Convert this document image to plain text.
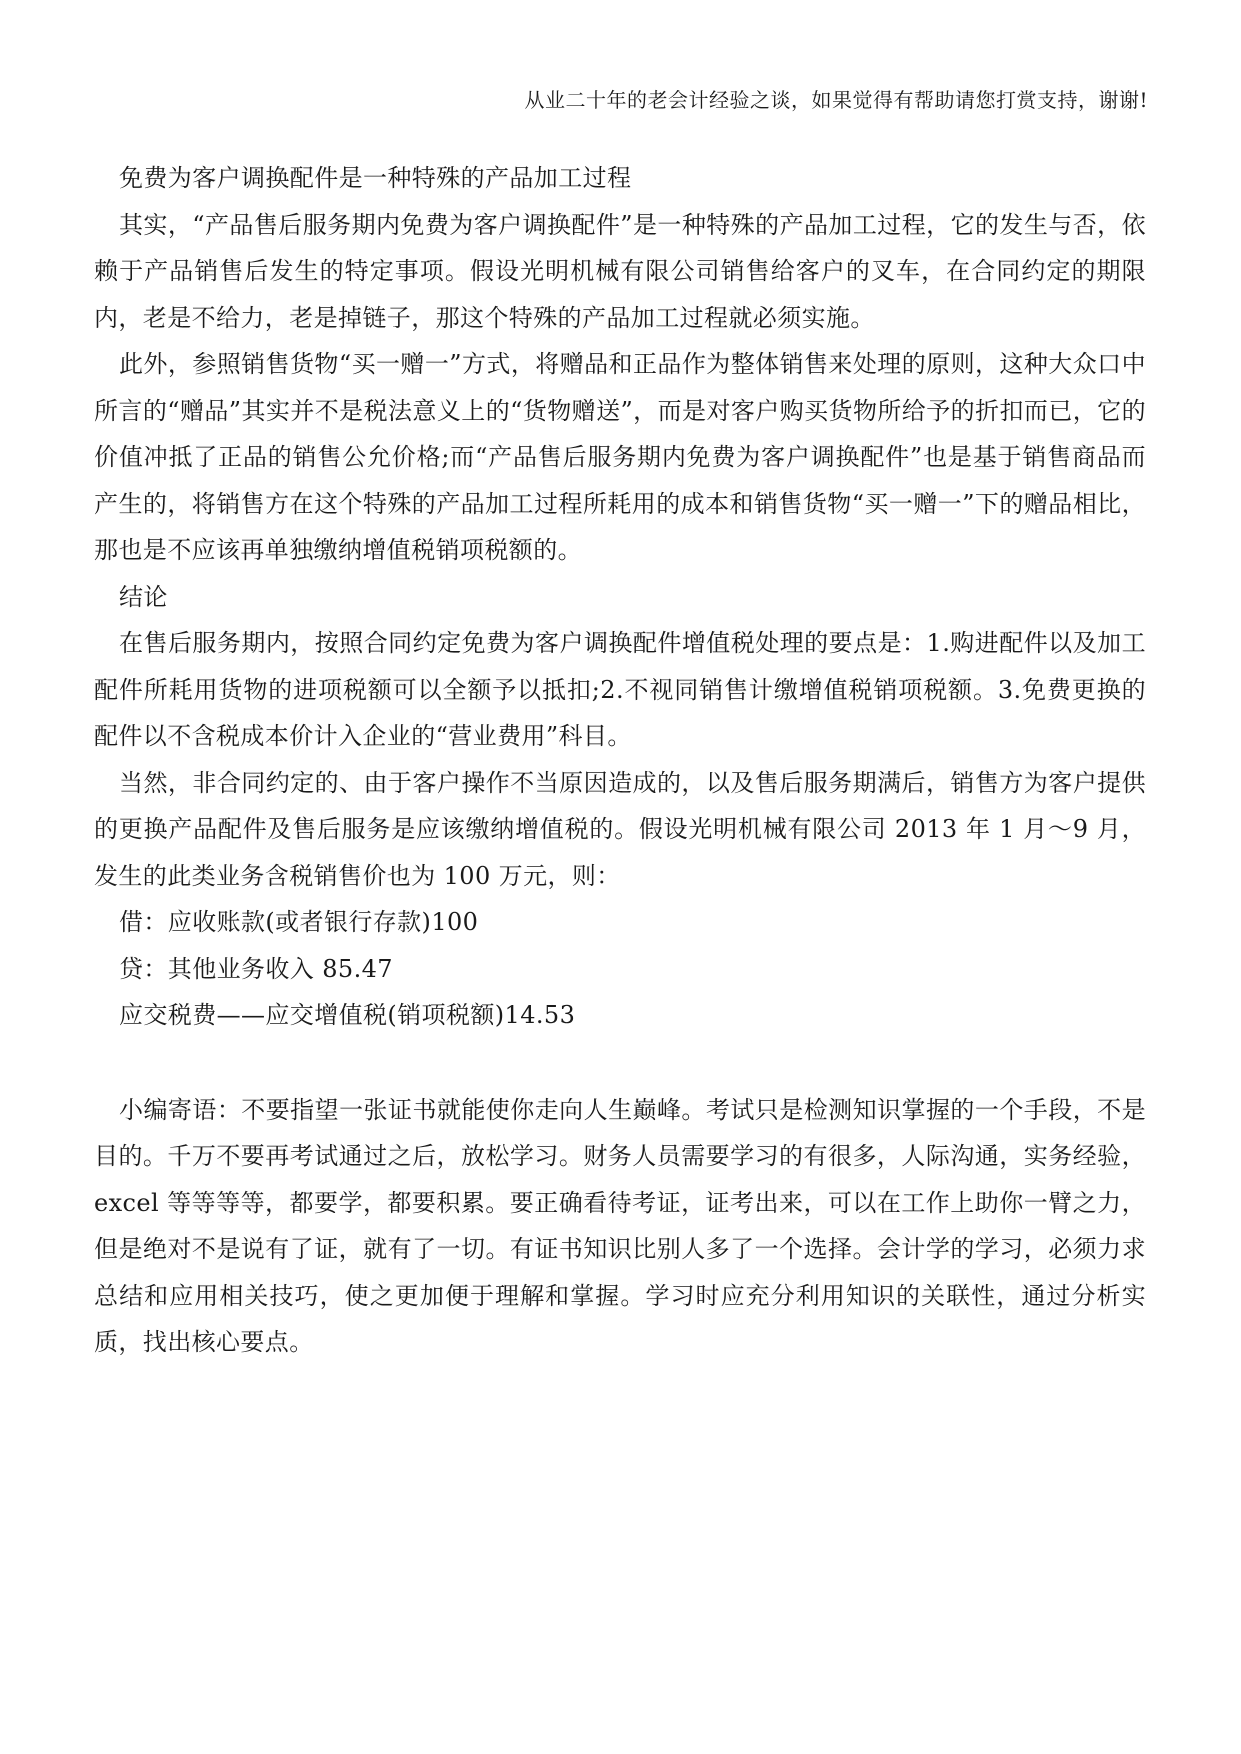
从业二十年的老会计经验之谈，如果觉得有帮助请您打赏支持，谢谢!

免费为客户调换配件是一种特殊的产品加工过程

其实，“产品售后服务期内免费为客户调换配件”是一种特殊的产品加工过程，它的发生与否，依赖于产品销售后发生的特定事项。假设光明机械有限公司销售给客户的叉车，在合同约定的期限内，老是不给力，老是掉链子，那这个特殊的产品加工过程就必须实施。

此外，参照销售货物“买一赠一”方式，将赠品和正品作为整体销售来处理的原则，这种大众口中所言的“赠品”其实并不是税法意义上的“货物赠送”，而是对客户购买货物所给予的折扣而已，它的价值冲抵了正品的销售公允价格;而“产品售后服务期内免费为客户调换配件”也是基于销售商品而产生的，将销售方在这个特殊的产品加工过程所耗用的成本和销售货物“买一赠一”下的赠品相比，那也是不应该再单独缴纳增值税销项税额的。

结论

在售后服务期内，按照合同约定免费为客户调换配件增值税处理的要点是：1.购进配件以及加工配件所耗用货物的进项税额可以全额予以抵扣;2.不视同销售计缴增值税销项税额。3.免费更换的配件以不含税成本价计入企业的“营业费用”科目。

当然，非合同约定的、由于客户操作不当原因造成的，以及售后服务期满后，销售方为客户提供的更换产品配件及售后服务是应该缴纳增值税的。假设光明机械有限公司 2013 年 1 月～9 月，发生的此类业务含税销售价也为 100 万元，则：

借：应收账款(或者银行存款)100

贷：其他业务收入 85.47

应交税费——应交增值税(销项税额)14.53

小编寄语：不要指望一张证书就能使你走向人生巅峰。考试只是检测知识掌握的一个手段，不是目的。千万不要再考试通过之后，放松学习。财务人员需要学习的有很多，人际沟通，实务经验，excel 等等等等，都要学，都要积累。要正确看待考证，证考出来，可以在工作上助你一臂之力，但是绝对不是说有了证，就有了一切。有证书知识比别人多了一个选择。会计学的学习，必须力求总结和应用相关技巧，使之更加便于理解和掌握。学习时应充分利用知识的关联性，通过分析实质，找出核心要点。
